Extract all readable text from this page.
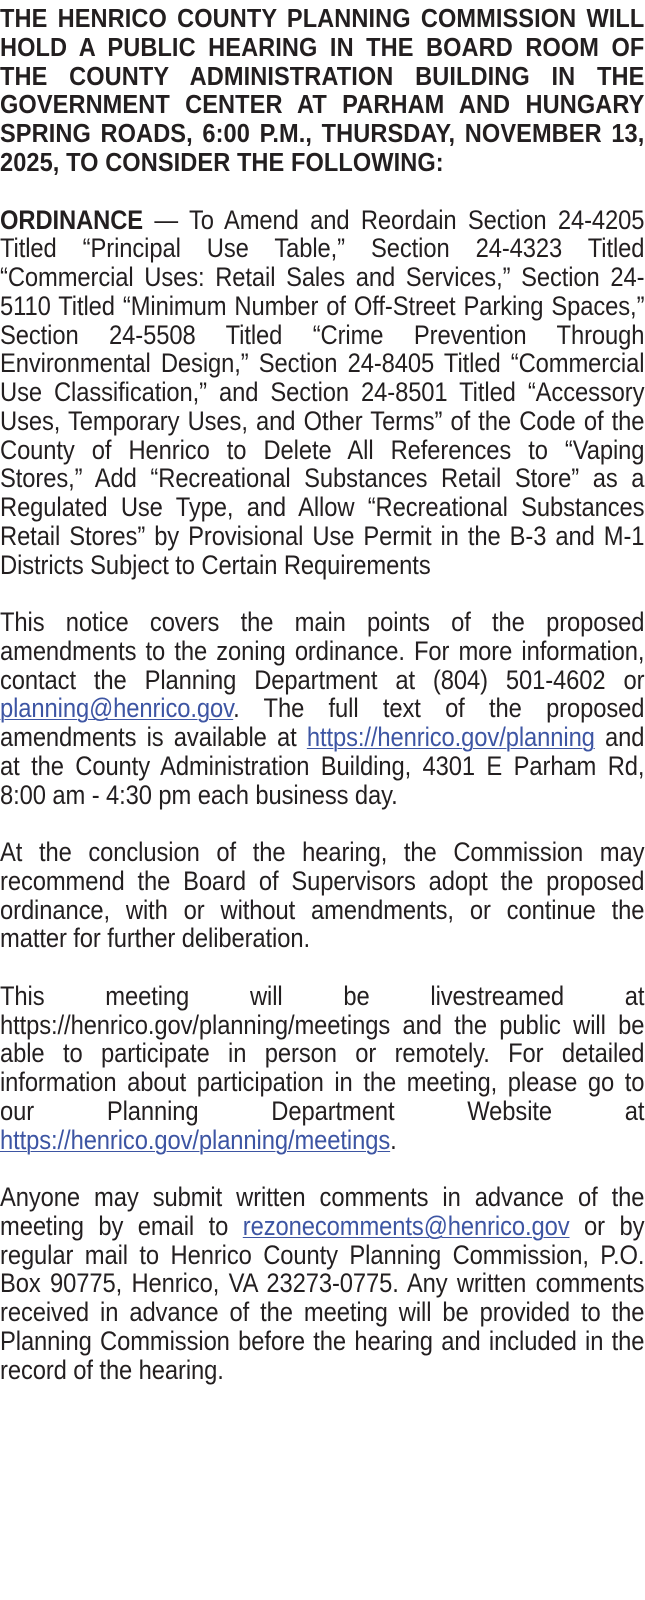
THE HENRICO COUNTY PLANNING COMMISSION WILL HOLD A PUBLIC HEARING IN THE BOARD ROOM OF THE COUNTY ADMINISTRATION BUILDING IN THE GOVERNMENT CENTER AT PARHAM AND HUNGARY SPRING ROADS, 6:00 P.M., THURSDAY, NOVEMBER 13, 2025, TO CONSIDER THE FOLLOWING:

ORDINANCE — To Amend and Reordain Section 24-4205 Titled “Principal Use Table,” Section 24-4323 Titled “Commercial Uses: Retail Sales and Services,” Section 24-5110 Titled “Minimum Number of Off-Street Parking Spaces,” Section 24-5508 Titled “Crime Prevention Through Environmental Design,” Section 24-8405 Titled “Commercial Use Classification,” and Section 24-8501 Titled “Accessory Uses, Temporary Uses, and Other Terms” of the Code of the County of Henrico to Delete All References to “Vaping Stores,” Add “Recreational Substances Retail Store” as a Regulated Use Type, and Allow “Recreational Substances Retail Stores” by Provisional Use Permit in the B-3 and M-1 Districts Subject to Certain Requirements

This notice covers the main points of the proposed amendments to the zoning ordinance. For more information, contact the Planning Department at (804) 501-4602 or planning@henrico.gov. The full text of the proposed amendments is available at https://henrico.gov/planning and at the County Administration Building, 4301 E Parham Rd, 8:00 am - 4:30 pm each business day.

At the conclusion of the hearing, the Commission may recommend the Board of Supervisors adopt the proposed ordinance, with or without amendments, or continue the matter for further deliberation.

This meeting will be livestreamed at https://henrico.gov/planning/meetings and the public will be able to participate in person or remotely. For detailed information about participation in the meeting, please go to our Planning Department Website at https://henrico.gov/planning/meetings.

Anyone may submit written comments in advance of the meeting by email to rezonecomments@henrico.gov or by regular mail to Henrico County Planning Commission, P.O. Box 90775, Henrico, VA 23273-0775. Any written comments received in advance of the meeting will be provided to the Planning Commission before the hearing and included in the record of the hearing.
